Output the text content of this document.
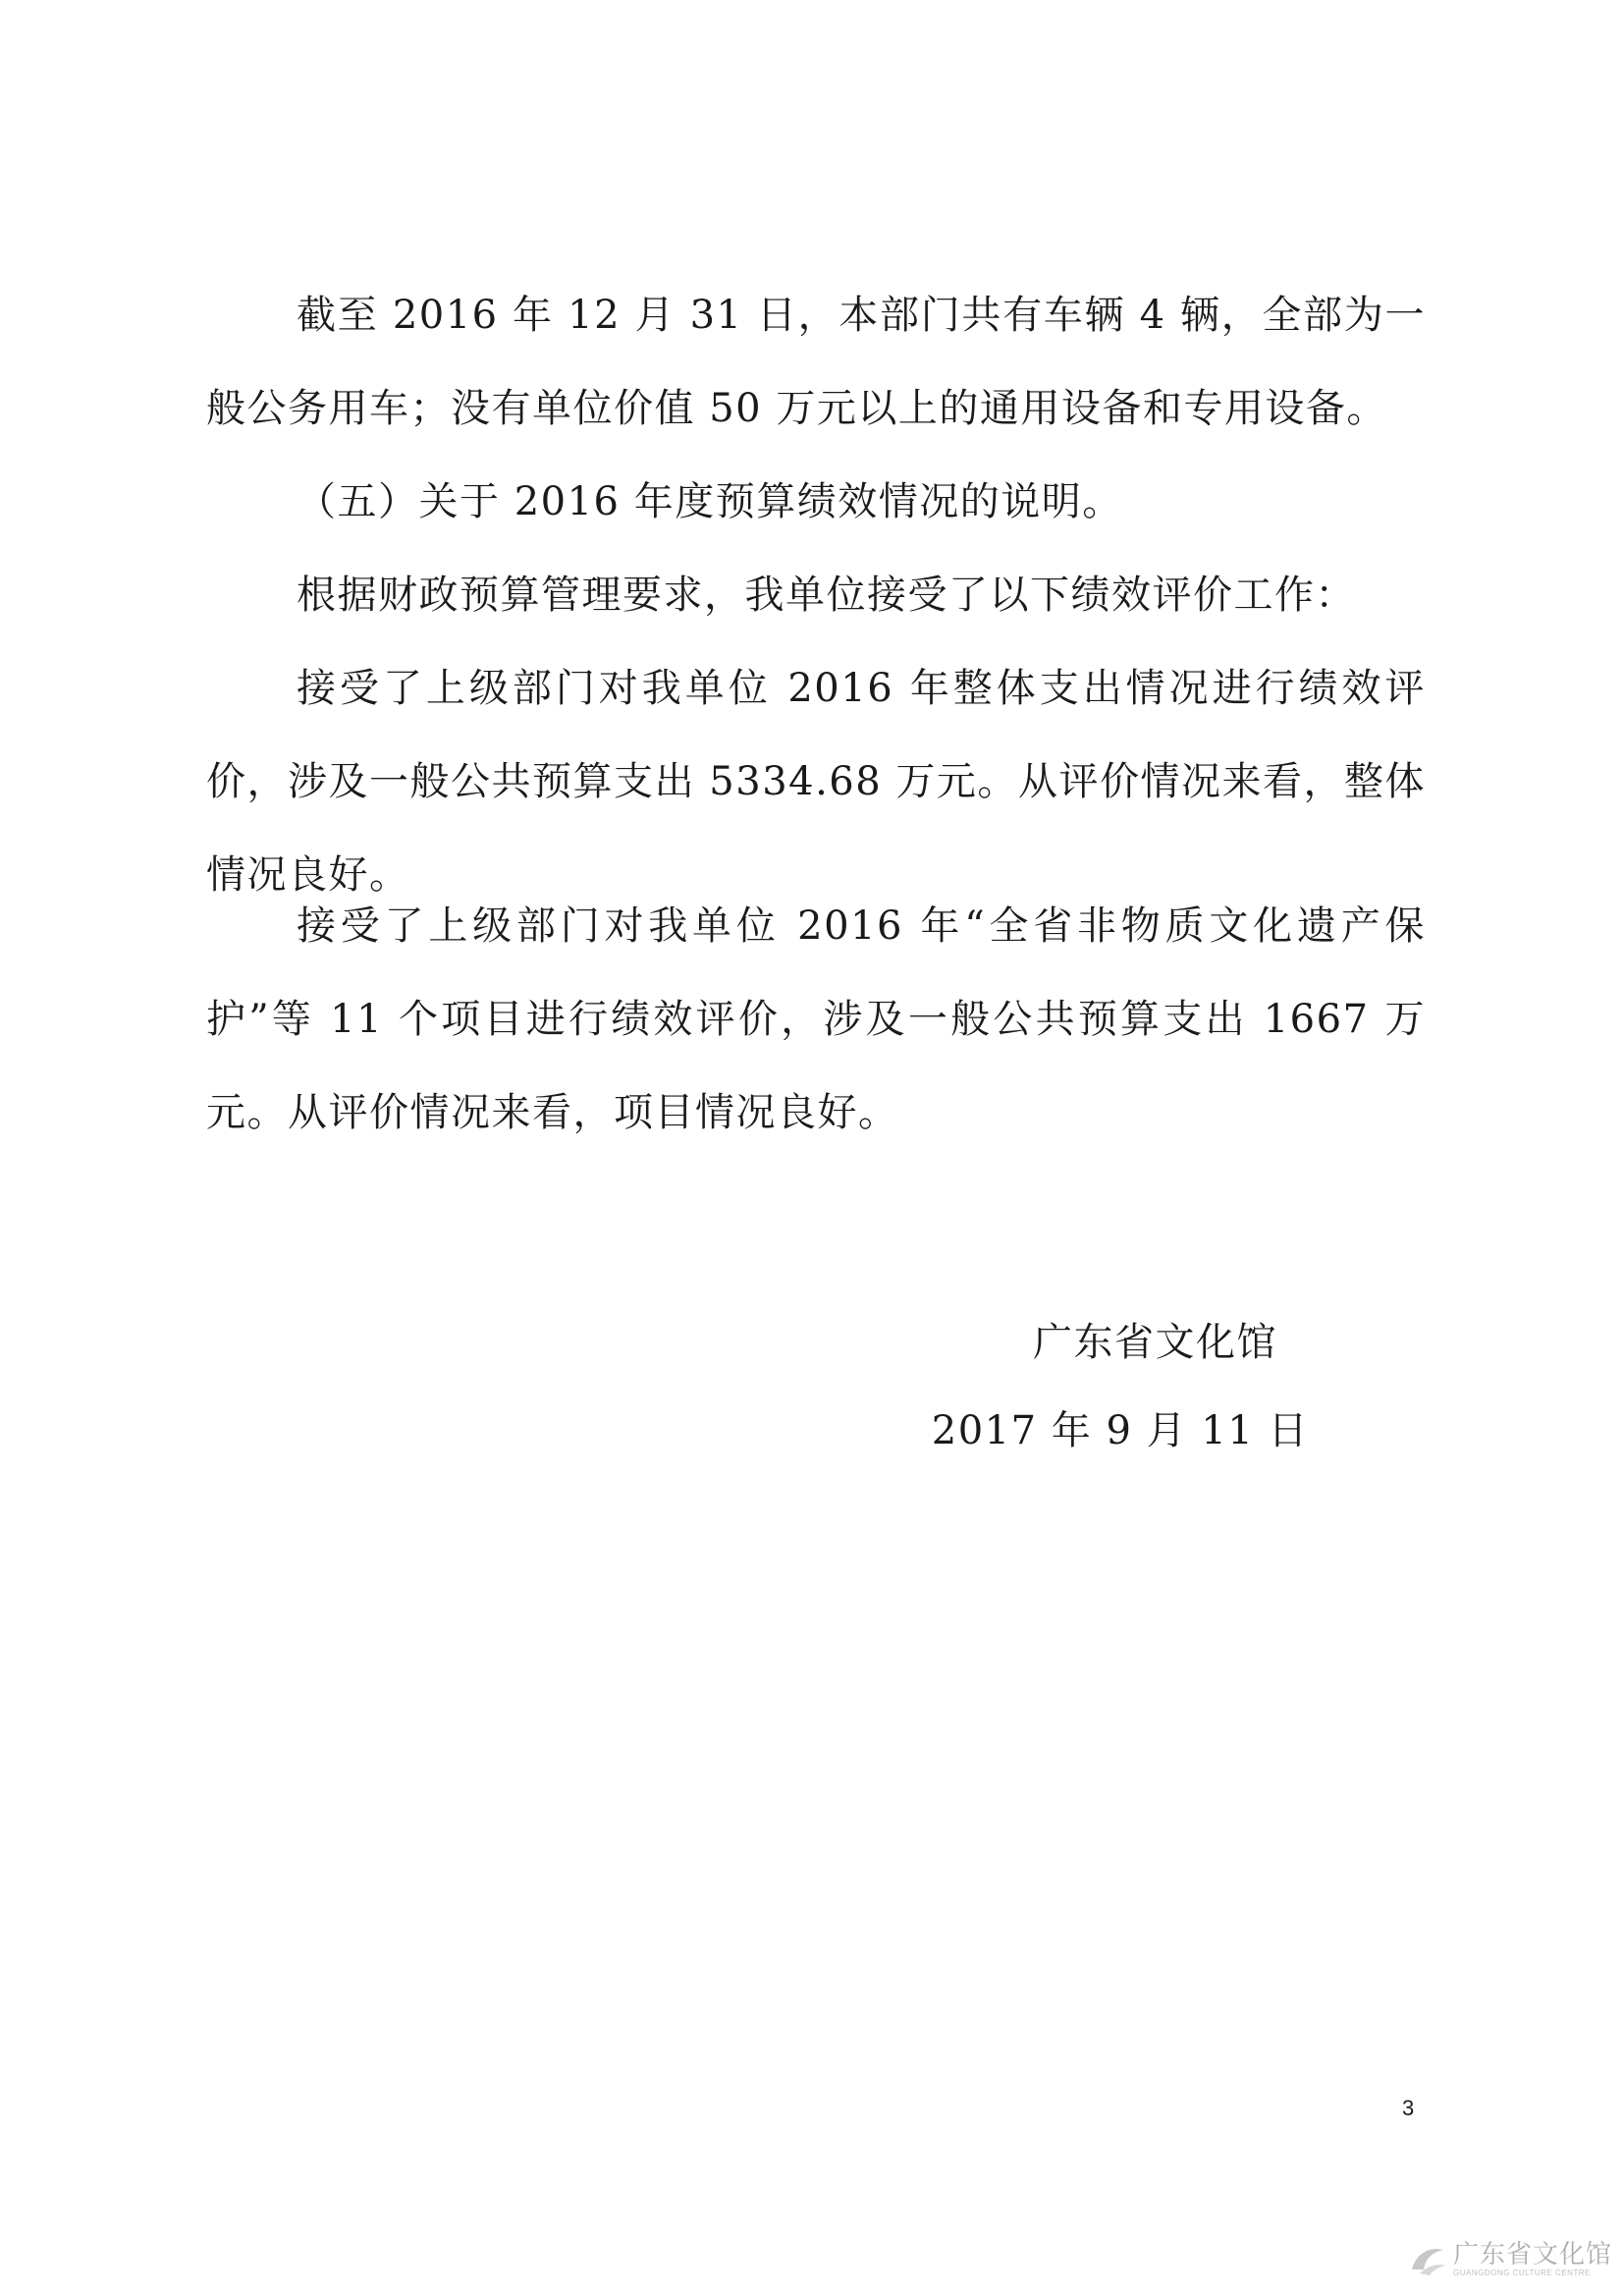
截至 2016 年 12 月 31 日，本部门共有车辆 4 辆，全部为一般公务用车；没有单位价值 50 万元以上的通用设备和专用设备。

（五）关于 2016 年度预算绩效情况的说明。

根据财政预算管理要求，我单位接受了以下绩效评价工作：

接受了上级部门对我单位 2016 年整体支出情况进行绩效评价，涉及一般公共预算支出 5334.68 万元。从评价情况来看，整体情况良好。

接受了上级部门对我单位 2016 年“全省非物质文化遗产保护”等 11 个项目进行绩效评价，涉及一般公共预算支出 1667 万元。从评价情况来看，项目情况良好。

广东省文化馆

2017 年 9 月 11 日

3
广东省文化馆
GUANGDONG CULTURE CENTRE
